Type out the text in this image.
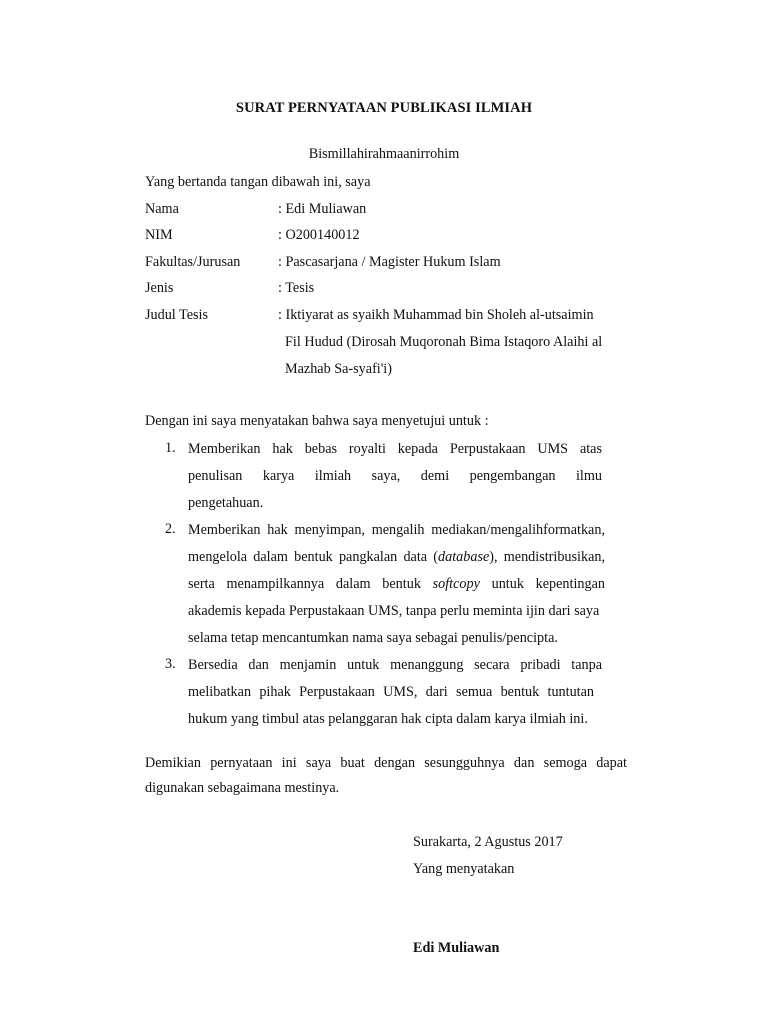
SURAT PERNYATAAN PUBLIKASI ILMIAH
Bismillahirahmaanirrohim
Yang bertanda tangan dibawah ini, saya
Nama	: Edi Muliawan
NIM	: O200140012
Fakultas/Jurusan	: Pascasarjana / Magister Hukum Islam
Jenis	: Tesis
Judul Tesis	: Iktiyarat as syaikh Muhammad bin Sholeh al-utsaimin
Fil Hudud (Dirosah Muqoronah Bima Istaqoro Alaihi al
Mazhab Sa-syafi'i)
Dengan ini saya menyatakan bahwa saya menyetujui untuk :
1. Memberikan hak bebas royalti kepada Perpustakaan UMS atas
penulisan karya ilmiah saya, demi pengembangan ilmu
pengetahuan.
2. Memberikan hak menyimpan, mengalih mediakan/mengalihformatkan,
mengelola dalam bentuk pangkalan data (database), mendistribusikan,
serta menampilkannya dalam bentuk softcopy untuk kepentingan
akademis kepada Perpustakaan UMS, tanpa perlu meminta ijin dari saya
selama tetap mencantumkan nama saya sebagai penulis/pencipta.
3. Bersedia dan menjamin untuk menanggung secara pribadi tanpa
melibatkan pihak Perpustakaan UMS, dari semua bentuk tuntutan
hukum yang timbul atas pelanggaran hak cipta dalam karya ilmiah ini.
Demikian pernyataan ini saya buat dengan sesungguhnya dan semoga dapat
digunakan sebagaimana mestinya.
Surakarta, 2 Agustus 2017
Yang menyatakan
Edi Muliawan
